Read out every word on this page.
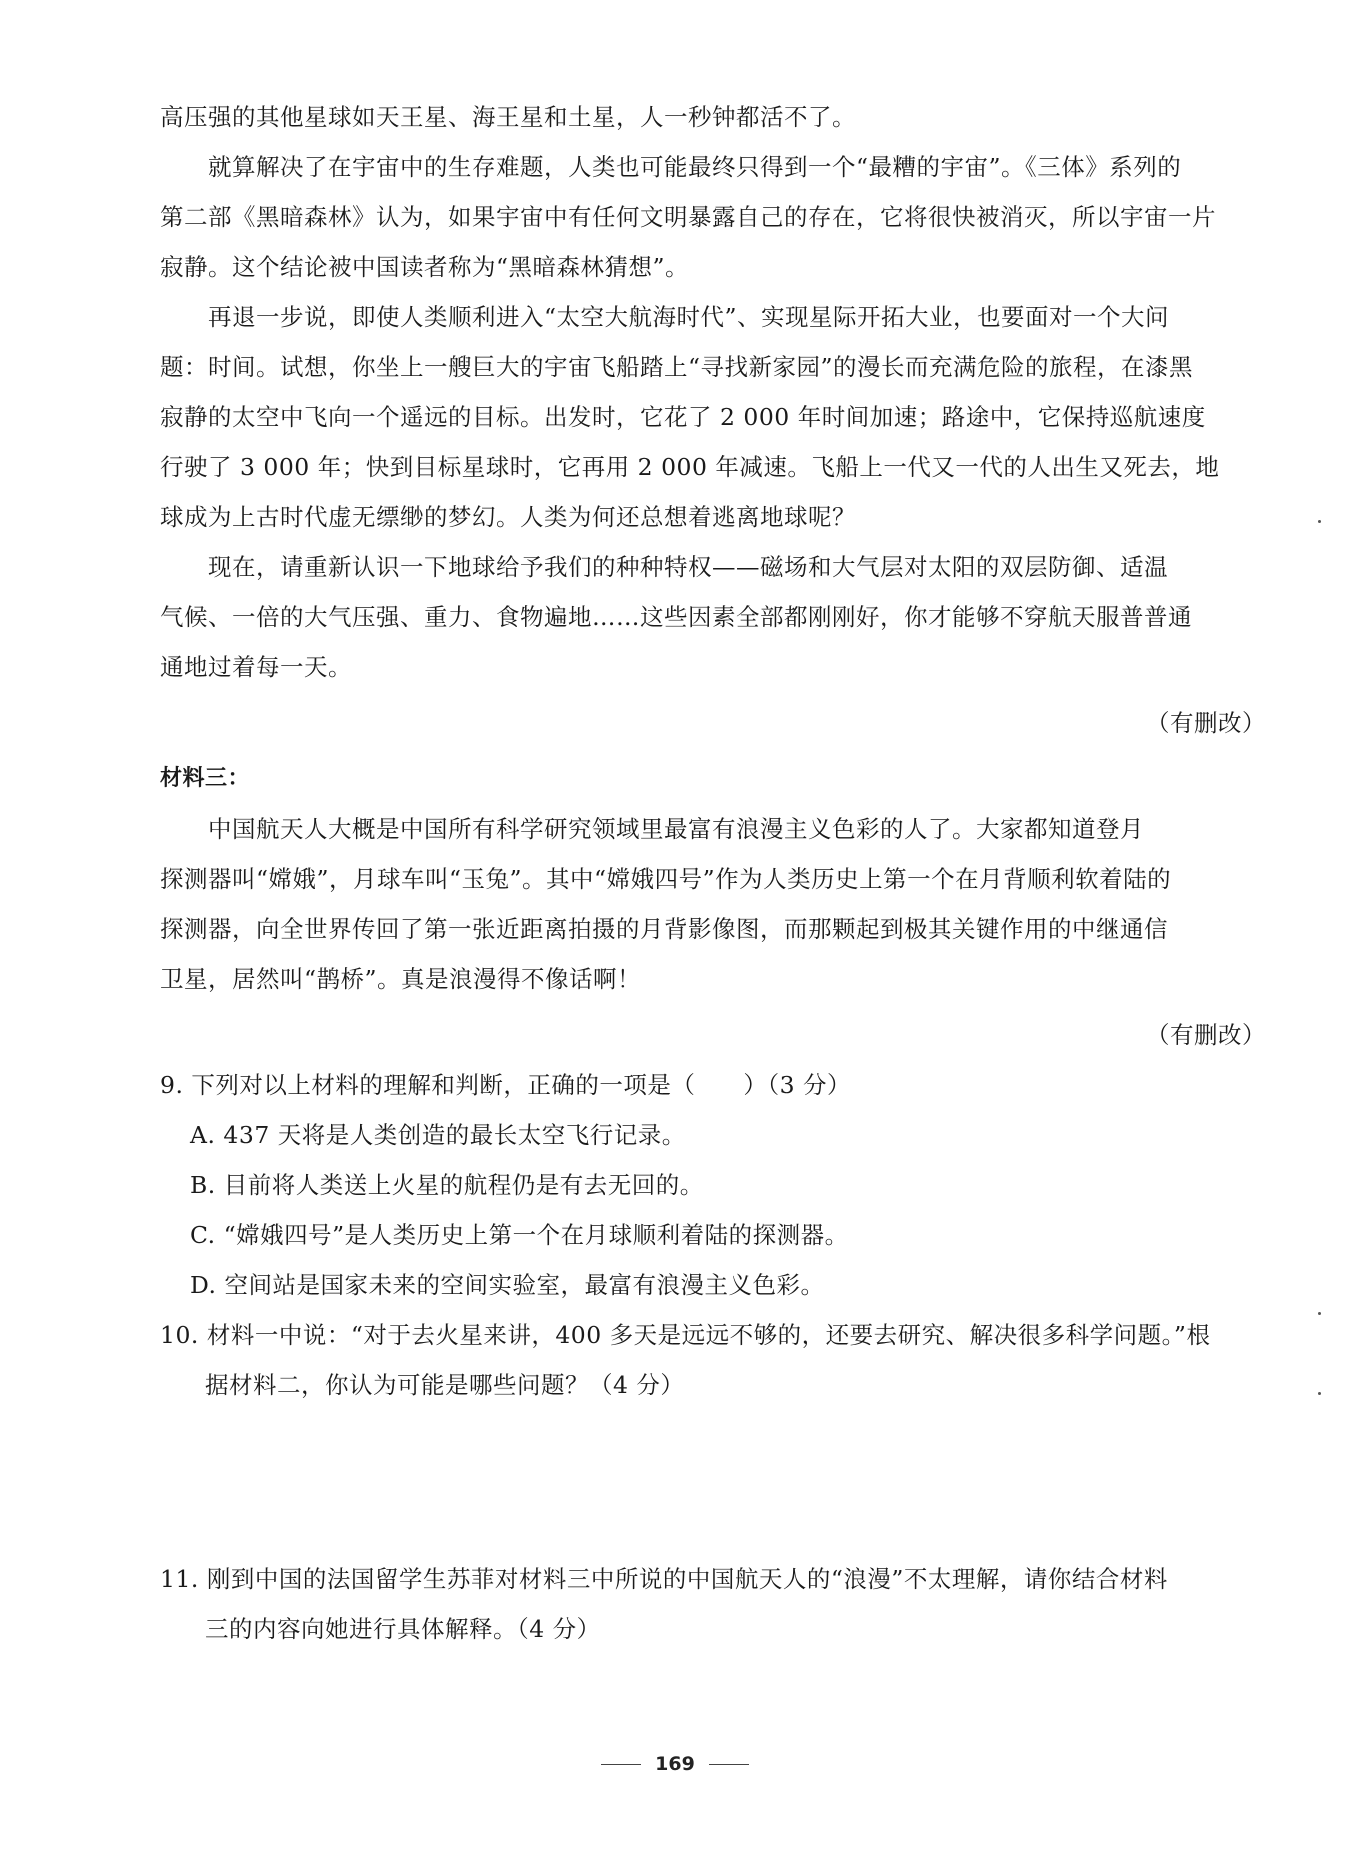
高压强的其他星球如天王星、海王星和土星，人一秒钟都活不了。
就算解决了在宇宙中的生存难题，人类也可能最终只得到一个“最糟的宇宙”。《三体》系列的
第二部《黑暗森林》认为，如果宇宙中有任何文明暴露自己的存在，它将很快被消灭，所以宇宙一片
寂静。这个结论被中国读者称为“黑暗森林猜想”。
再退一步说，即使人类顺利进入“太空大航海时代”、实现星际开拓大业，也要面对一个大问
题：时间。试想，你坐上一艘巨大的宇宙飞船踏上“寻找新家园”的漫长而充满危险的旅程，在漆黑
寂静的太空中飞向一个遥远的目标。出发时，它花了 2 000 年时间加速；路途中，它保持巡航速度
行驶了 3 000 年；快到目标星球时，它再用 2 000 年减速。飞船上一代又一代的人出生又死去，地
球成为上古时代虚无缥缈的梦幻。人类为何还总想着逃离地球呢？
现在，请重新认识一下地球给予我们的种种特权——磁场和大气层对太阳的双层防御、适温
气候、一倍的大气压强、重力、食物遍地……这些因素全部都刚刚好，你才能够不穿航天服普普通
通地过着每一天。
（有删改）
材料三：
中国航天人大概是中国所有科学研究领域里最富有浪漫主义色彩的人了。大家都知道登月
探测器叫“嫦娥”，月球车叫“玉兔”。其中“嫦娥四号”作为人类历史上第一个在月背顺利软着陆的
探测器，向全世界传回了第一张近距离拍摄的月背影像图，而那颗起到极其关键作用的中继通信
卫星，居然叫“鹊桥”。真是浪漫得不像话啊！
（有删改）
9. 下列对以上材料的理解和判断，正确的一项是（　　）（3 分）
A. 437 天将是人类创造的最长太空飞行记录。
B. 目前将人类送上火星的航程仍是有去无回的。
C. “嫦娥四号”是人类历史上第一个在月球顺利着陆的探测器。
D. 空间站是国家未来的空间实验室，最富有浪漫主义色彩。
10. 材料一中说：“对于去火星来讲，400 多天是远远不够的，还要去研究、解决很多科学问题。”根
据材料二，你认为可能是哪些问题？（4 分）
11. 刚到中国的法国留学生苏菲对材料三中所说的中国航天人的“浪漫”不太理解，请你结合材料
三的内容向她进行具体解释。（4 分）
169
